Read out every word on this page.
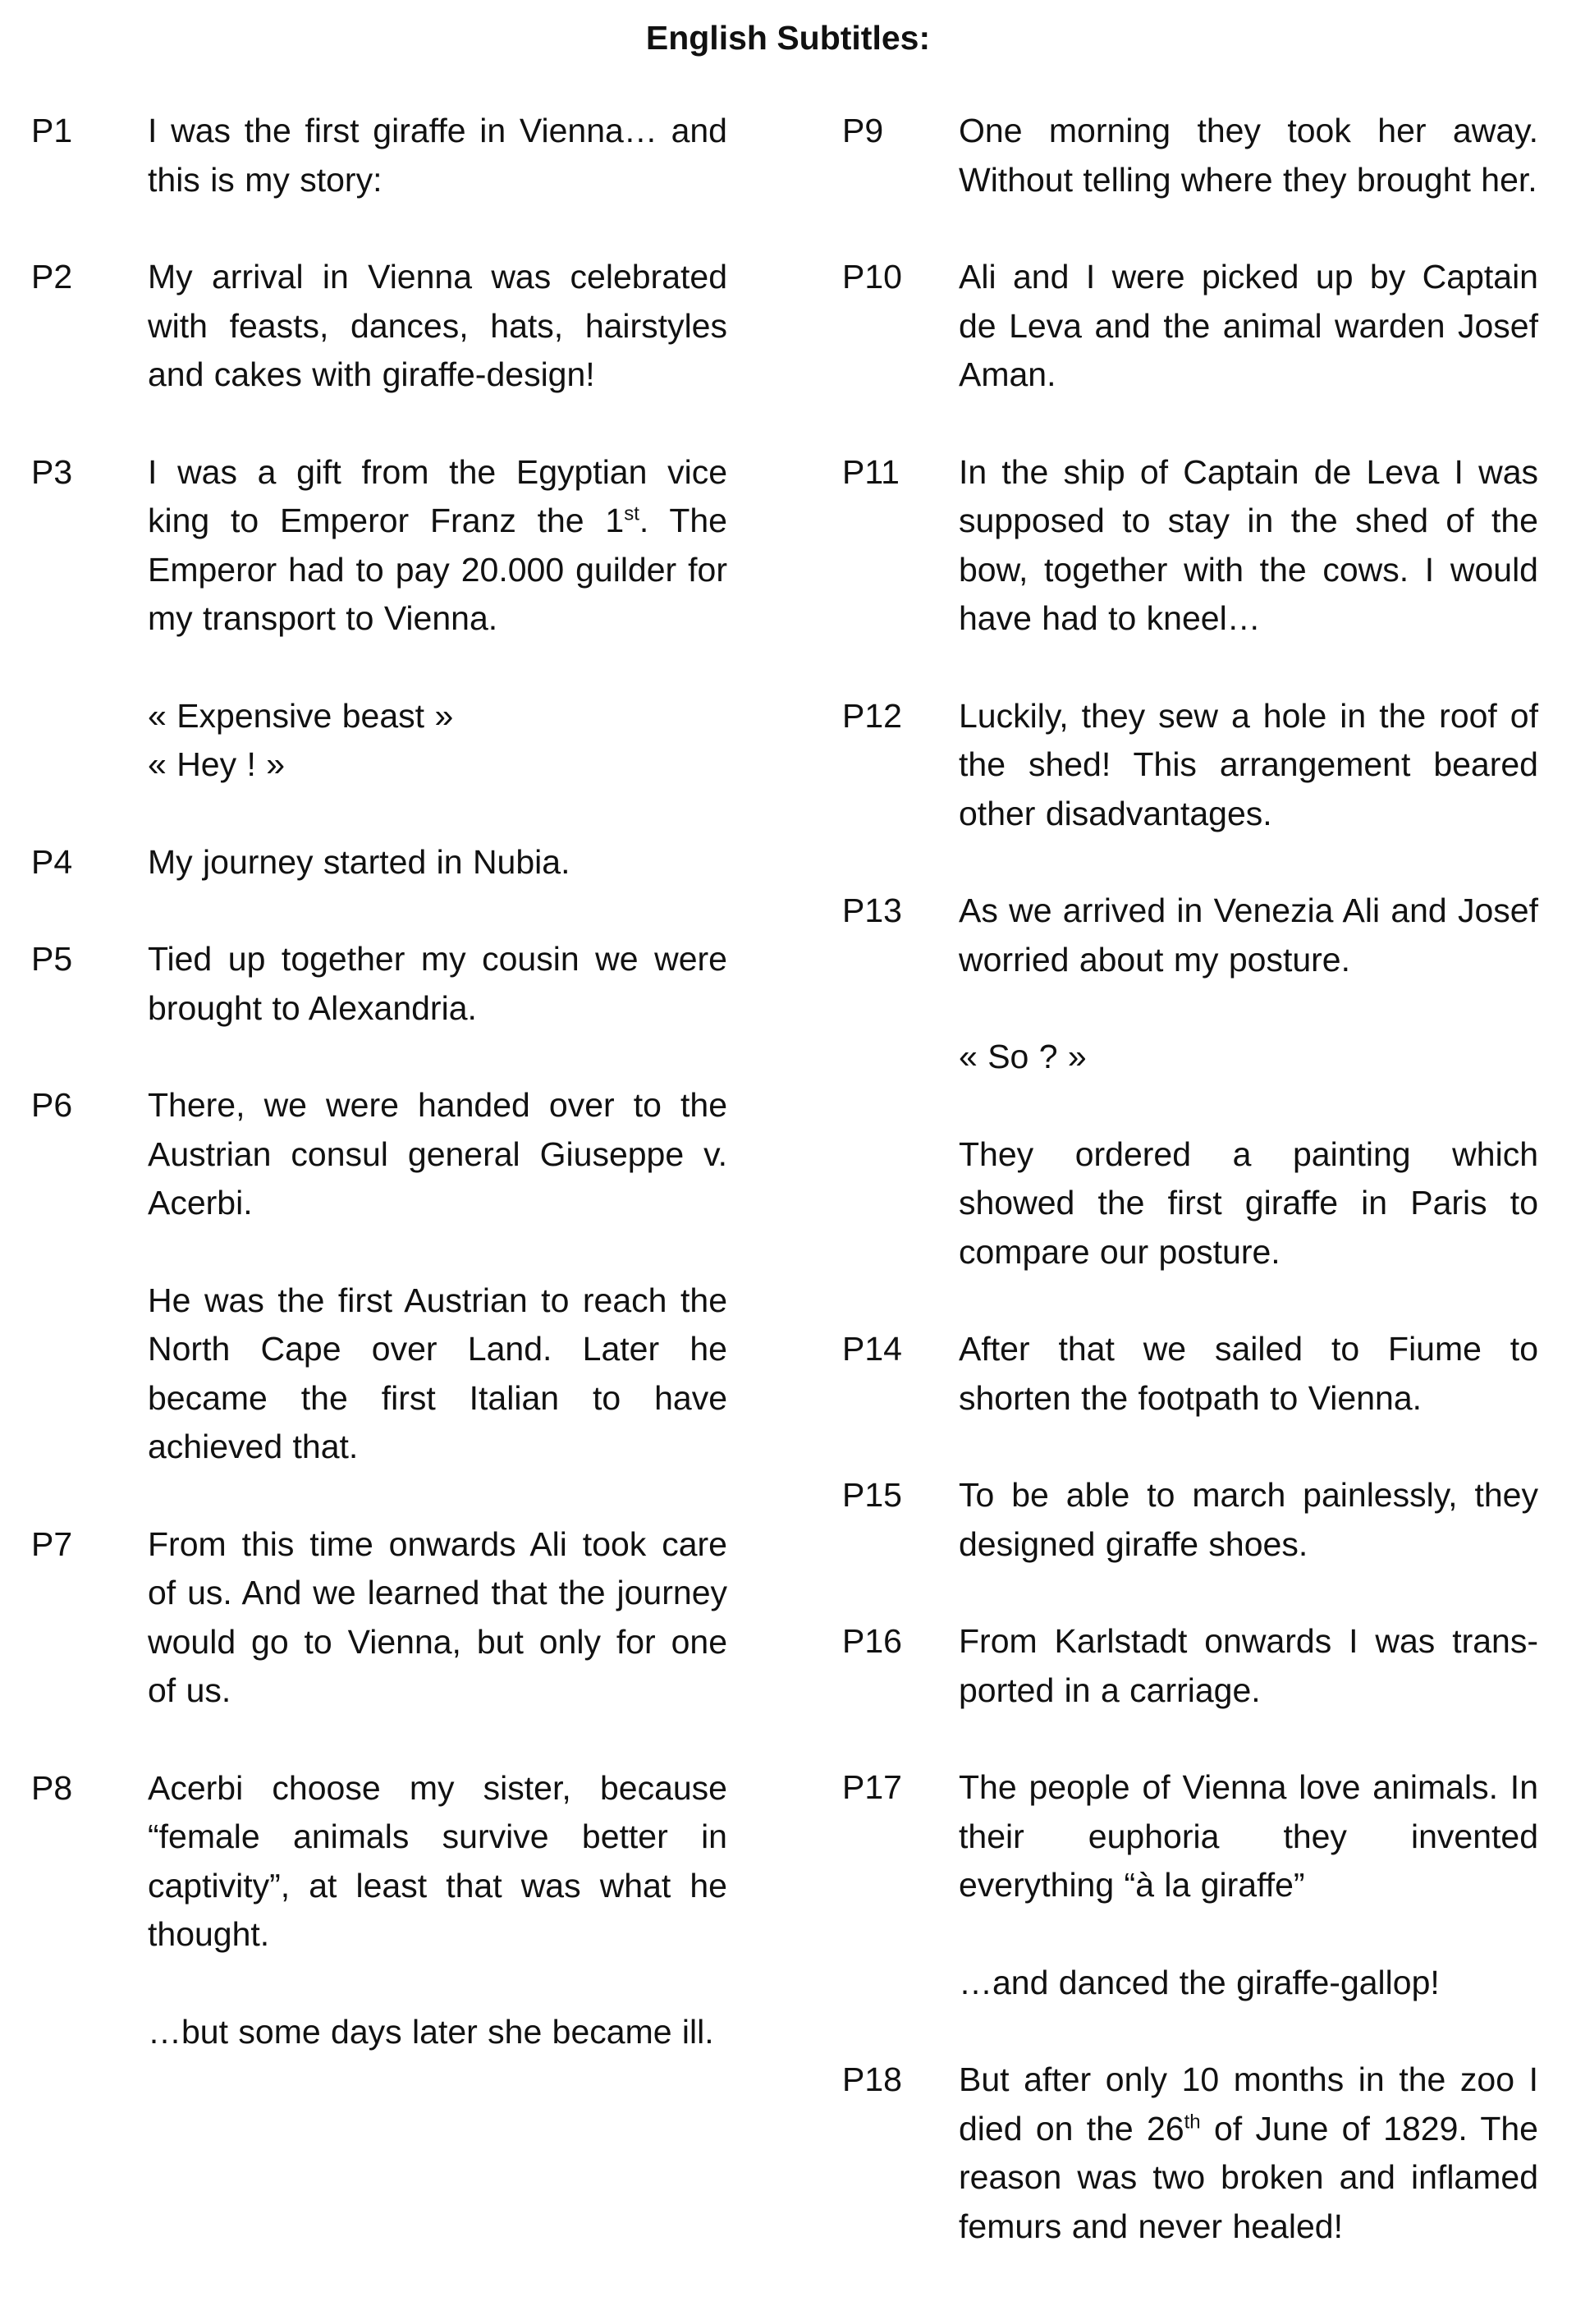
English Subtitles:
P1	I was the first giraffe in Vienna… and this is my story:

P2	My arrival in Vienna was celebrated with feasts, dances, hats, hairstyles and cakes with giraffe-design!

P3	I was a gift from the Egyptian vice king to Emperor Franz the 1st. The Emperor had to pay 20.000 guilder for my transport to Vienna.

« Expensive beast »
« Hey ! »

P4	My journey started in Nubia.

P5	Tied up together my cousin we were brought to Alexandria.

P6	There, we were handed over to the Austrian consul general Giuseppe v. Acerbi.

He was the first Austrian to reach the North Cape over Land. Later he became the first Italian to have achieved that.

P7	From this time onwards Ali took care of us. And we learned that the journey would go to Vienna, but only for one of us.

P8	Acerbi choose my sister, because “female animals survive better in captivity”, at least that was what he thought.

…but some days later she became ill.

P9	One morning they took her away. Without telling where they brought her.

P10	Ali and I were picked up by Captain de Leva and the animal warden Josef Aman.

P11	In the ship of Captain de Leva I was supposed to stay in the shed of the bow, together with the cows. I would have had to kneel…

P12	Luckily, they sew a hole in the roof of the shed! This arrangement beared other disadvantages.

P13	As we arrived in Venezia Ali and Josef worried about my posture.

« So ? »

They ordered a painting which showed the first giraffe in Paris to compare our posture.

P14	After that we sailed to Fiume to shorten the footpath to Vienna.

P15	To be able to march painlessly, they designed giraffe shoes.

P16	From Karlstadt onwards I was trans-ported in a carriage.

P17	The people of Vienna love animals. In their euphoria they invented everything “à la giraffe”

…and danced the giraffe-gallop!

P18	But after only 10 months in the zoo I died on the 26th of June of 1829. The reason was two broken and inflamed femurs and never healed!
